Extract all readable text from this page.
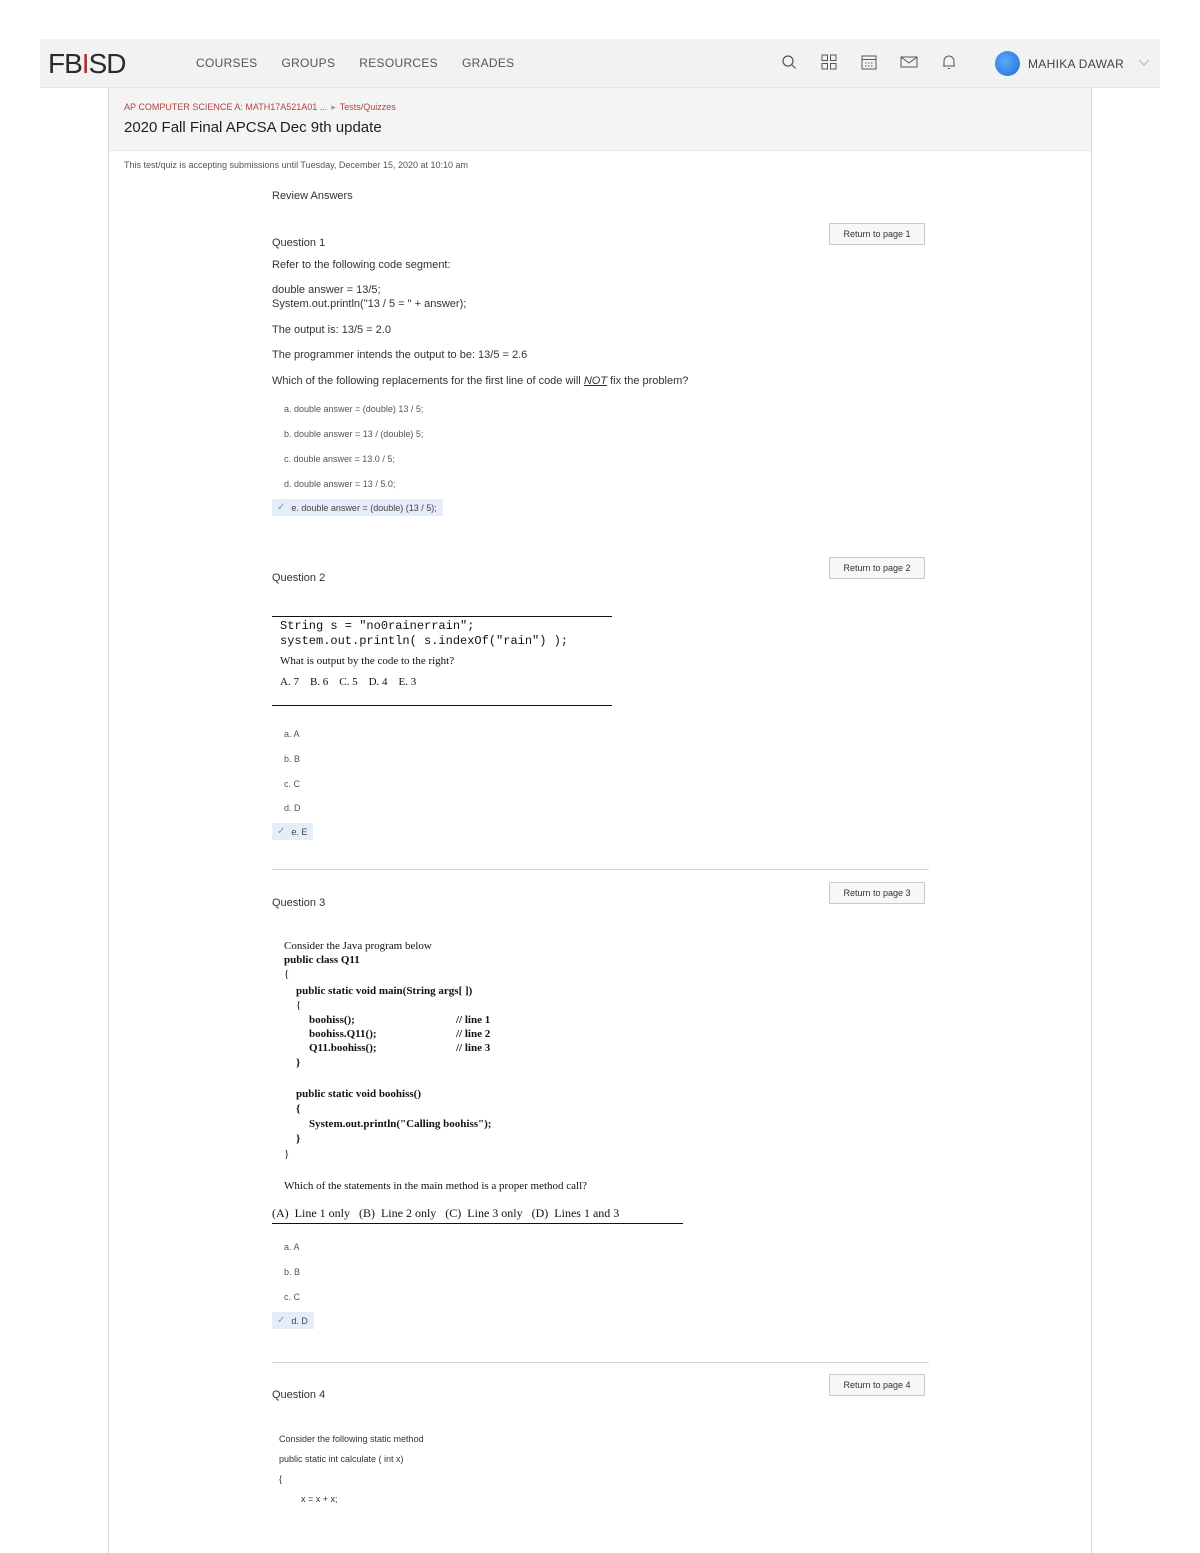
FBISD	COURSES GROUPS RESOURCES GRADES	MAHIKA DAWAR
AP COMPUTER SCIENCE A: MATH17A521A01 ... ▸ Tests/Quizzes
2020 Fall Final APCSA Dec 9th update
This test/quiz is accepting submissions until Tuesday, December 15, 2020 at 10:10 am
Review Answers
Return to page 1
Question 1
Refer to the following code segment:
double answer = 13/5;
System.out.println("13 / 5 = " + answer);
The output is: 13/5 = 2.0
The programmer intends the output to be: 13/5 = 2.6
Which of the following replacements for the first line of code will NOT fix the problem?
a. double answer = (double) 13 / 5;
b. double answer = 13 / (double) 5;
c. double answer = 13.0 / 5;
d. double answer = 13 / 5.0;
✓ e. double answer = (double) (13 / 5);
Return to page 2
Question 2
String s = "no0rainerrain";
system.out.println( s.indexOf("rain") );
What is output by the code to the right?
A. 7    B. 6    C. 5    D. 4    E. 3
a. A
b. B
c. C
d. D
✓ e. E
Return to page 3
Question 3
Consider the Java program below
public class Q11
{
public static void main(String args[ ])
{
boohiss();	// line 1
boohiss.Q11();	// line 2
Q11.boohiss();	// line 3
}
public static void boohiss()
{
System.out.println("Calling boohiss");
}
}
Which of the statements in the main method is a proper method call?
(A)  Line 1 only   (B)  Line 2 only   (C)  Line 3 only   (D)  Lines 1 and 3
a. A
b. B
c. C
✓ d. D
Return to page 4
Question 4
Consider the following static method
public static int calculate ( int x)
{
x = x + x;
